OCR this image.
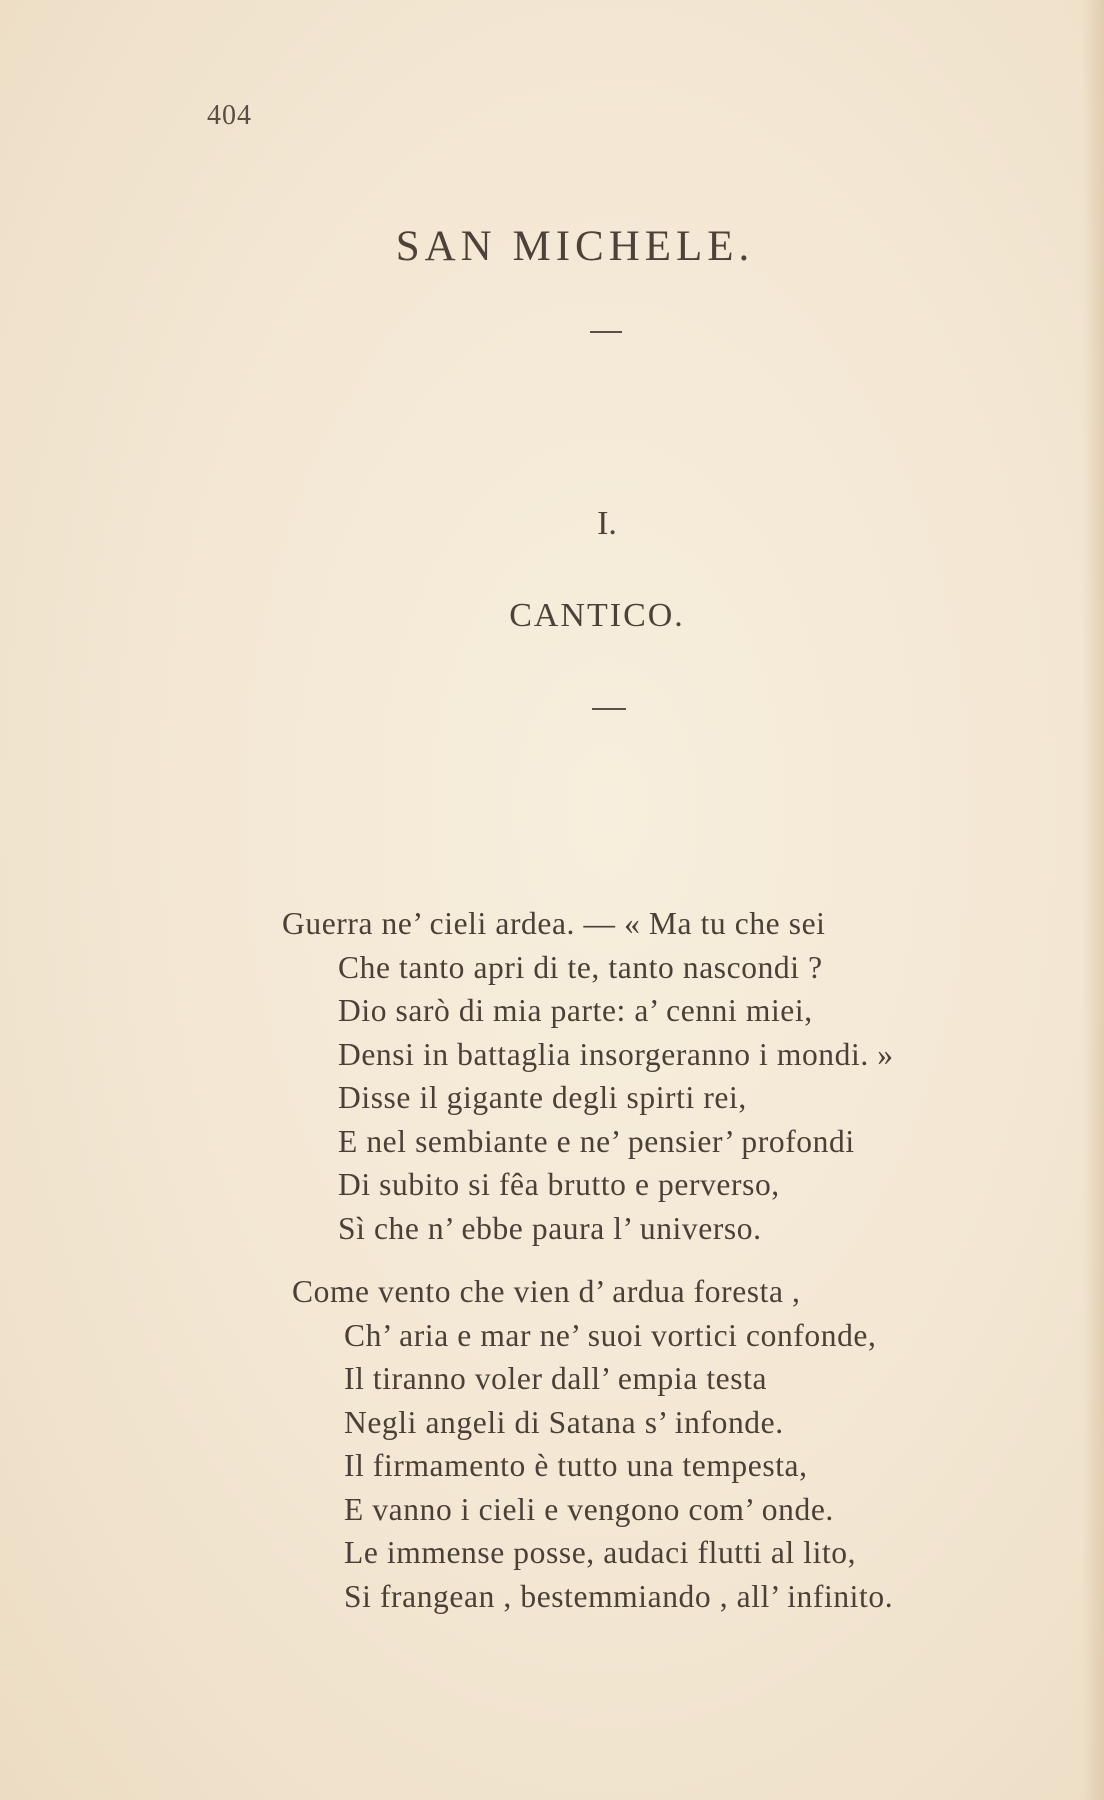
404
SAN MICHELE.
I.
CANTICO.
Guerra ne’ cieli ardea. — « Ma tu che sei
Che tanto apri di te, tanto nascondi ?
Dio sarò di mia parte: a’ cenni miei,
Densi in battaglia insorgeranno i mondi. »
Disse il gigante degli spirti rei,
E nel sembiante e ne’ pensier’ profondi
Di subito si fêa brutto e perverso,
Sì che n’ ebbe paura l’ universo.
Come vento che vien d’ ardua foresta ,
Ch’ aria e mar ne’ suoi vortici confonde,
Il tiranno voler dall’ empia testa
Negli angeli di Satana s’ infonde.
Il firmamento è tutto una tempesta,
E vanno i cieli e vengono com’ onde.
Le immense posse, audaci flutti al lito,
Si frangean , bestemmiando , all’ infinito.
